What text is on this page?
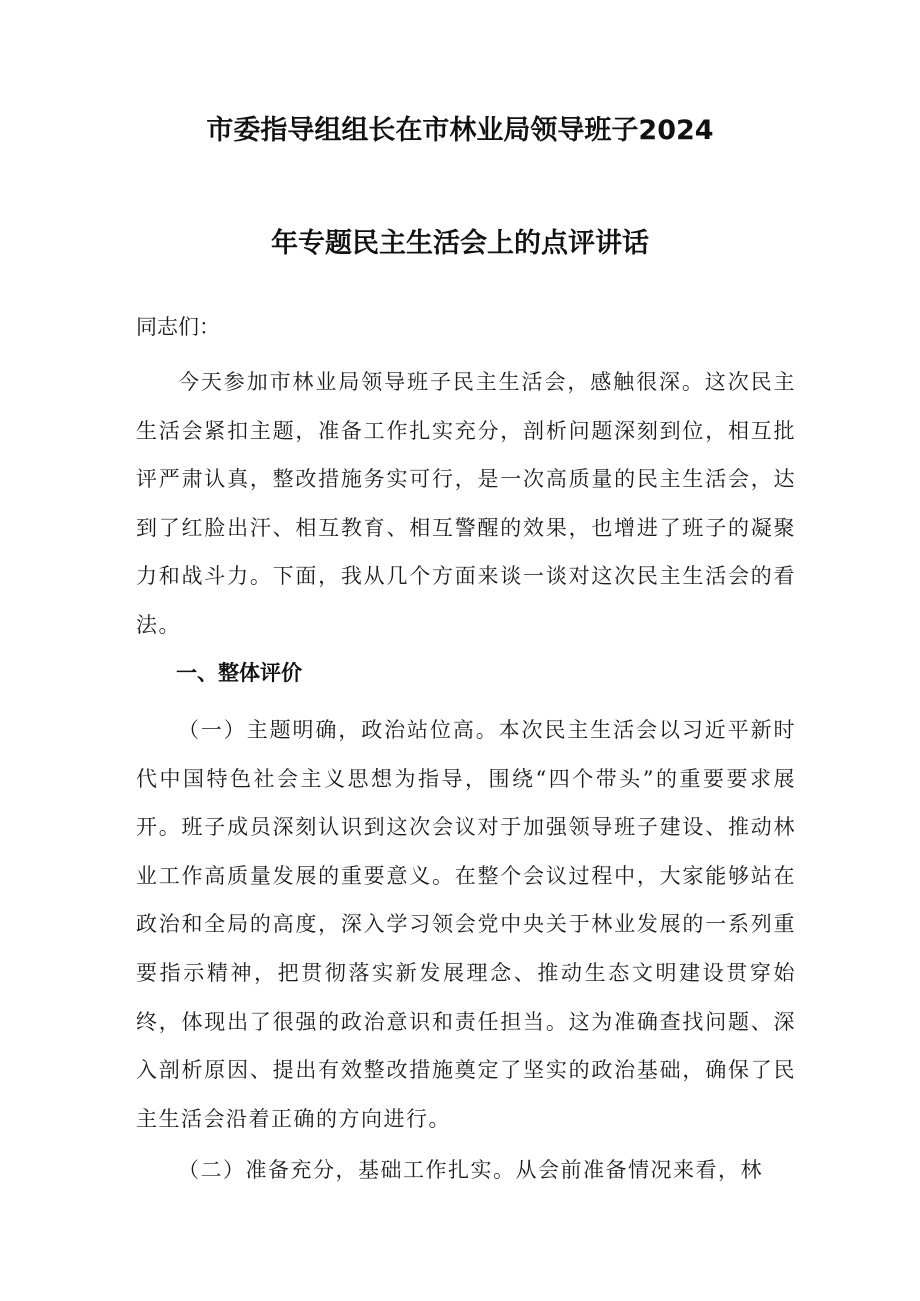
市委指导组组长在市林业局领导班子2024
年专题民主生活会上的点评讲话
同志们：

今天参加市林业局领导班子民主生活会，感触很深。这次民主生活会紧扣主题，准备工作扎实充分，剖析问题深刻到位，相互批评严肃认真，整改措施务实可行，是一次高质量的民主生活会，达到了红脸出汗、相互教育、相互警醒的效果，也增进了班子的凝聚力和战斗力。下面，我从几个方面来谈一谈对这次民主生活会的看法。

一、整体评价

（一）主题明确，政治站位高。本次民主生活会以习近平新时代中国特色社会主义思想为指导，围绕“四个带头”的重要要求展开。班子成员深刻认识到这次会议对于加强领导班子建设、推动林业工作高质量发展的重要意义。在整个会议过程中，大家能够站在政治和全局的高度，深入学习领会党中央关于林业发展的一系列重要指示精神，把贯彻落实新发展理念、推动生态文明建设贯穿始终，体现出了很强的政治意识和责任担当。这为准确查找问题、深入剖析原因、提出有效整改措施奠定了坚实的政治基础，确保了民主生活会沿着正确的方向进行。

（二）准备充分，基础工作扎实。从会前准备情况来看，林
